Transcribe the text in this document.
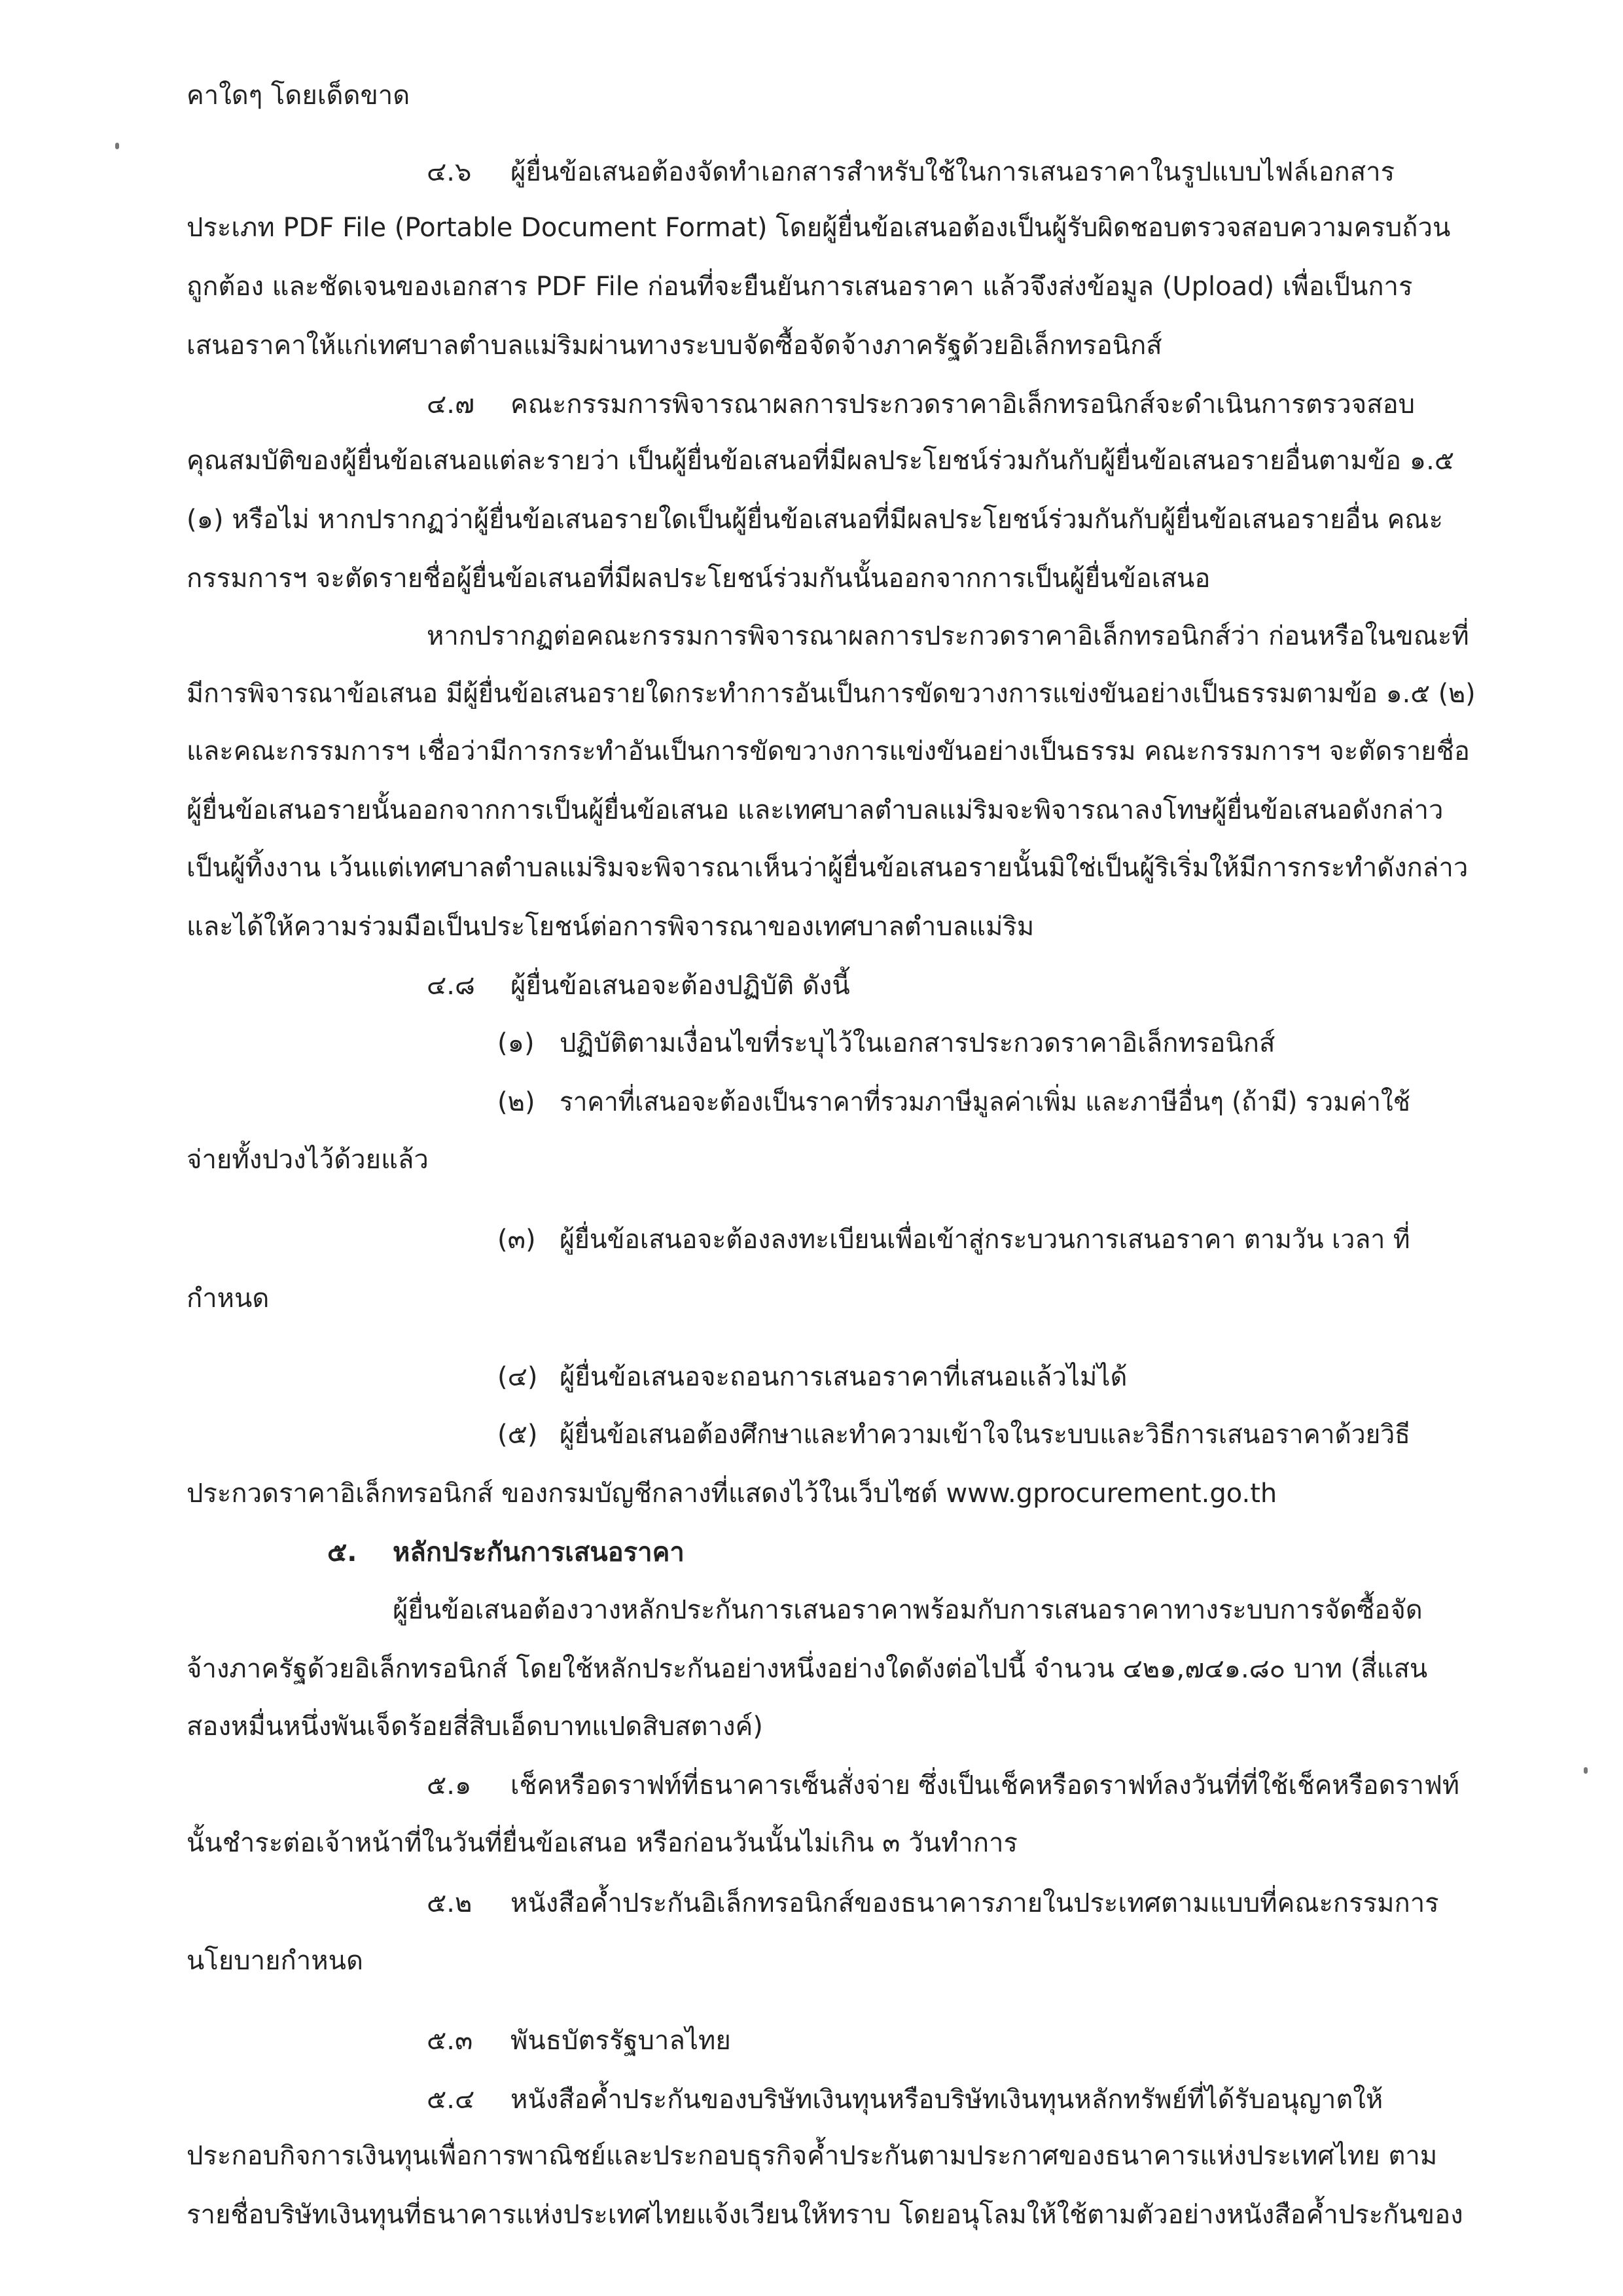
คาใดๆ โดยเด็ดขาด
๔.๖ ผู้ยื่นข้อเสนอต้องจัดทำเอกสารสำหรับใช้ในการเสนอราคาในรูปแบบไฟล์เอกสาร
ประเภท PDF File (Portable Document Format) โดยผู้ยื่นข้อเสนอต้องเป็นผู้รับผิดชอบตรวจสอบความครบถ้วน
ถูกต้อง และชัดเจนของเอกสาร PDF File ก่อนที่จะยืนยันการเสนอราคา แล้วจึงส่งข้อมูล (Upload) เพื่อเป็นการ
เสนอราคาให้แก่เทศบาลตำบลแม่ริมผ่านทางระบบจัดซื้อจัดจ้างภาครัฐด้วยอิเล็กทรอนิกส์
๔.๗ คณะกรรมการพิจารณาผลการประกวดราคาอิเล็กทรอนิกส์จะดำเนินการตรวจสอบ
คุณสมบัติของผู้ยื่นข้อเสนอแต่ละรายว่า เป็นผู้ยื่นข้อเสนอที่มีผลประโยชน์ร่วมกันกับผู้ยื่นข้อเสนอรายอื่นตามข้อ ๑.๕
(๑) หรือไม่ หากปรากฏว่าผู้ยื่นข้อเสนอรายใดเป็นผู้ยื่นข้อเสนอที่มีผลประโยชน์ร่วมกันกับผู้ยื่นข้อเสนอรายอื่น คณะ
กรรมการฯ จะตัดรายชื่อผู้ยื่นข้อเสนอที่มีผลประโยชน์ร่วมกันนั้นออกจากการเป็นผู้ยื่นข้อเสนอ
หากปรากฏต่อคณะกรรมการพิจารณาผลการประกวดราคาอิเล็กทรอนิกส์ว่า ก่อนหรือในขณะที่
มีการพิจารณาข้อเสนอ มีผู้ยื่นข้อเสนอรายใดกระทำการอันเป็นการขัดขวางการแข่งขันอย่างเป็นธรรมตามข้อ ๑.๕ (๒)
และคณะกรรมการฯ เชื่อว่ามีการกระทำอันเป็นการขัดขวางการแข่งขันอย่างเป็นธรรม คณะกรรมการฯ จะตัดรายชื่อ
ผู้ยื่นข้อเสนอรายนั้นออกจากการเป็นผู้ยื่นข้อเสนอ และเทศบาลตำบลแม่ริมจะพิจารณาลงโทษผู้ยื่นข้อเสนอดังกล่าว
เป็นผู้ทิ้งงาน เว้นแต่เทศบาลตำบลแม่ริมจะพิจารณาเห็นว่าผู้ยื่นข้อเสนอรายนั้นมิใช่เป็นผู้ริเริ่มให้มีการกระทำดังกล่าว
และได้ให้ความร่วมมือเป็นประโยชน์ต่อการพิจารณาของเทศบาลตำบลแม่ริม
๔.๘ ผู้ยื่นข้อเสนอจะต้องปฏิบัติ ดังนี้
(๑) ปฏิบัติตามเงื่อนไขที่ระบุไว้ในเอกสารประกวดราคาอิเล็กทรอนิกส์
(๒) ราคาที่เสนอจะต้องเป็นราคาที่รวมภาษีมูลค่าเพิ่ม และภาษีอื่นๆ (ถ้ามี) รวมค่าใช้
จ่ายทั้งปวงไว้ด้วยแล้ว
(๓) ผู้ยื่นข้อเสนอจะต้องลงทะเบียนเพื่อเข้าสู่กระบวนการเสนอราคา ตามวัน เวลา ที่
กำหนด
(๔) ผู้ยื่นข้อเสนอจะถอนการเสนอราคาที่เสนอแล้วไม่ได้
(๕) ผู้ยื่นข้อเสนอต้องศึกษาและทำความเข้าใจในระบบและวิธีการเสนอราคาด้วยวิธี
ประกวดราคาอิเล็กทรอนิกส์ ของกรมบัญชีกลางที่แสดงไว้ในเว็บไซต์ www.gprocurement.go.th
๕. หลักประกันการเสนอราคา
ผู้ยื่นข้อเสนอต้องวางหลักประกันการเสนอราคาพร้อมกับการเสนอราคาทางระบบการจัดซื้อจัด
จ้างภาครัฐด้วยอิเล็กทรอนิกส์ โดยใช้หลักประกันอย่างหนึ่งอย่างใดดังต่อไปนี้ จำนวน ๔๒๑,๗๔๑.๘๐ บาท (สี่แสน
สองหมื่นหนึ่งพันเจ็ดร้อยสี่สิบเอ็ดบาทแปดสิบสตางค์)
๕.๑ เช็คหรือดราฟท์ที่ธนาคารเซ็นสั่งจ่าย ซึ่งเป็นเช็คหรือดราฟท์ลงวันที่ที่ใช้เช็คหรือดราฟท์
นั้นชำระต่อเจ้าหน้าที่ในวันที่ยื่นข้อเสนอ หรือก่อนวันนั้นไม่เกิน ๓ วันทำการ
๕.๒ หนังสือค้ำประกันอิเล็กทรอนิกส์ของธนาคารภายในประเทศตามแบบที่คณะกรรมการ
นโยบายกำหนด
๕.๓ พันธบัตรรัฐบาลไทย
๕.๔ หนังสือค้ำประกันของบริษัทเงินทุนหรือบริษัทเงินทุนหลักทรัพย์ที่ได้รับอนุญาตให้
ประกอบกิจการเงินทุนเพื่อการพาณิชย์และประกอบธุรกิจค้ำประกันตามประกาศของธนาคารแห่งประเทศไทย ตาม
รายชื่อบริษัทเงินทุนที่ธนาคารแห่งประเทศไทยแจ้งเวียนให้ทราบ โดยอนุโลมให้ใช้ตามตัวอย่างหนังสือค้ำประกันของ
